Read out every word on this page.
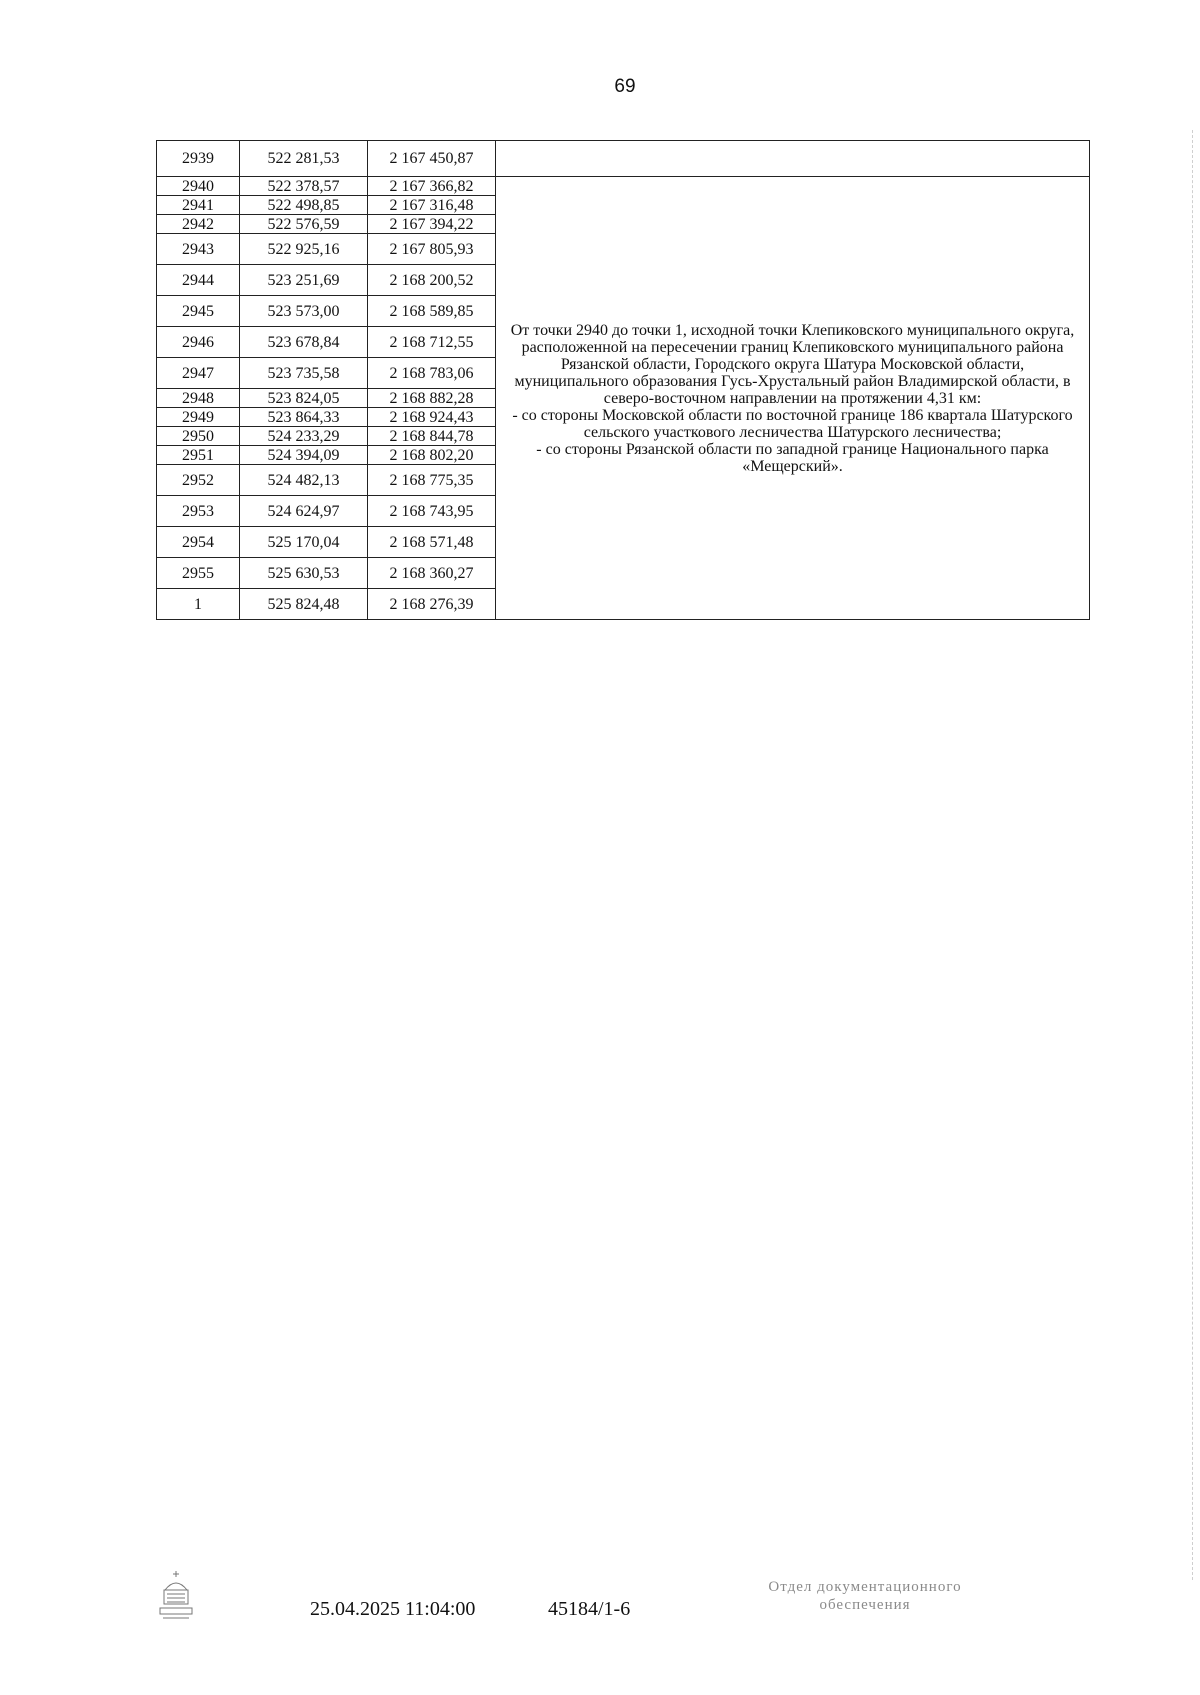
69
2939	522 281,53	2 167 450,87	
2940	522 378,57	2 167 366,82	От точки 2940 до точки 1, исходной точки Клепиковского муниципального округа, расположенной на пересечении границ Клепиковского муниципального района Рязанской области, Городского округа Шатура Московской области, муниципального образования Гусь-Хрустальный район Владимирской области, в северо-восточном направлении на протяжении 4,31 км:
- со стороны Московской области по восточной границе 186 квартала Шатурского сельского участкового лесничества Шатурского лесничества;
- со стороны Рязанской области по западной границе Национального парка «Мещерский».

2941	522 498,85	2 167 316,48	
2942	522 576,59	2 167 394,22	
2943	522 925,16	2 167 805,93	
2944	523 251,69	2 168 200,52	
2945	523 573,00	2 168 589,85	
2946	523 678,84	2 168 712,55	
2947	523 735,58	2 168 783,06	
2948	523 824,05	2 168 882,28	
2949	523 864,33	2 168 924,43	
2950	524 233,29	2 168 844,78	
2951	524 394,09	2 168 802,20	
2952	524 482,13	2 168 775,35	
2953	524 624,97	2 168 743,95	
2954	525 170,04	2 168 571,48	
2955	525 630,53	2 168 360,27	
1	525 824,48	2 168 276,39	
25.04.2025 11:04:00	45184/1-6
Отдел документационного
обеспечения
